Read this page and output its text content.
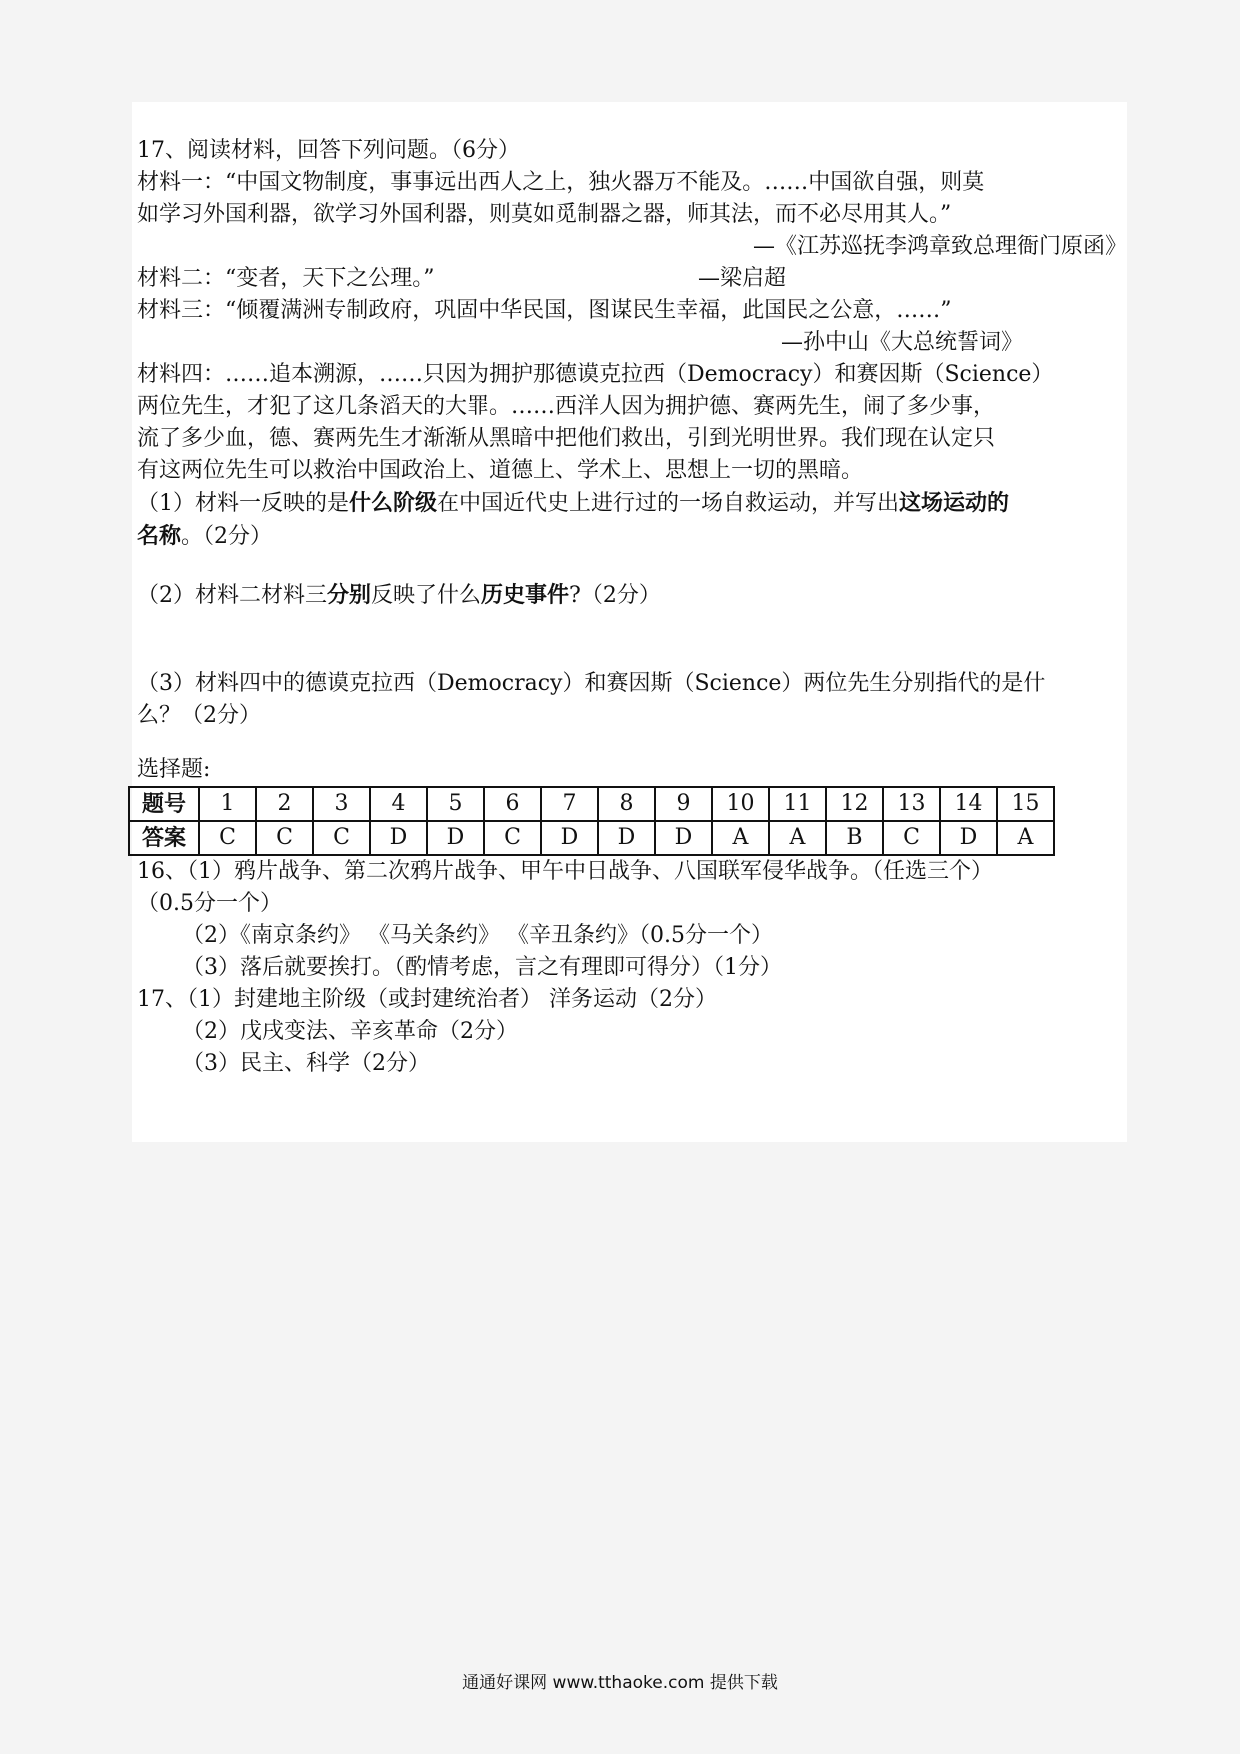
17、阅读材料，回答下列问题。（6分）
材料一：“中国文物制度，事事远出西人之上，独火器万不能及。……中国欲自强，则莫
如学习外国利器，欲学习外国利器，则莫如觅制器之器，师其法，而不必尽用其人。”
—《江苏巡抚李鸿章致总理衙门原函》
材料二：“变者，天下之公理。”	—梁启超
材料三：“倾覆满洲专制政府，巩固中华民国，图谋民生幸福，此国民之公意，……”
—孙中山《大总统誓词》
材料四：……追本溯源，……只因为拥护那德谟克拉西（Democracy）和赛因斯（Science）
两位先生，才犯了这几条滔天的大罪。……西洋人因为拥护德、赛两先生，闹了多少事，
流了多少血，德、赛两先生才渐渐从黑暗中把他们救出，引到光明世界。我们现在认定只
有这两位先生可以救治中国政治上、道德上、学术上、思想上一切的黑暗。
（1）材料一反映的是什么阶级在中国近代史上进行过的一场自救运动，并写出这场运动的
名称。（2分）
（2）材料二材料三分别反映了什么历史事件?（2分）
（3）材料四中的德谟克拉西（Democracy）和赛因斯（Science）两位先生分别指代的是什
么？（2分）
选择题:
题号	1	2	3	4	5	6	7	8	9	10	11	12	13	14	15
答案	C	C	C	D	D	C	D	D	D	A	A	B	C	D	A
16、（1）鸦片战争、第二次鸦片战争、甲午中日战争、八国联军侵华战争。（任选三个）
（0.5分一个）
（2）《南京条约》 《马关条约》 《辛丑条约》（0.5分一个）
（3）落后就要挨打。（酌情考虑，言之有理即可得分）（1分）
17、（1）封建地主阶级（或封建统治者） 洋务运动（2分）
（2）戊戌变法、辛亥革命（2分）
（3）民主、科学（2分）
通通好课网 www.tthaoke.com 提供下载
